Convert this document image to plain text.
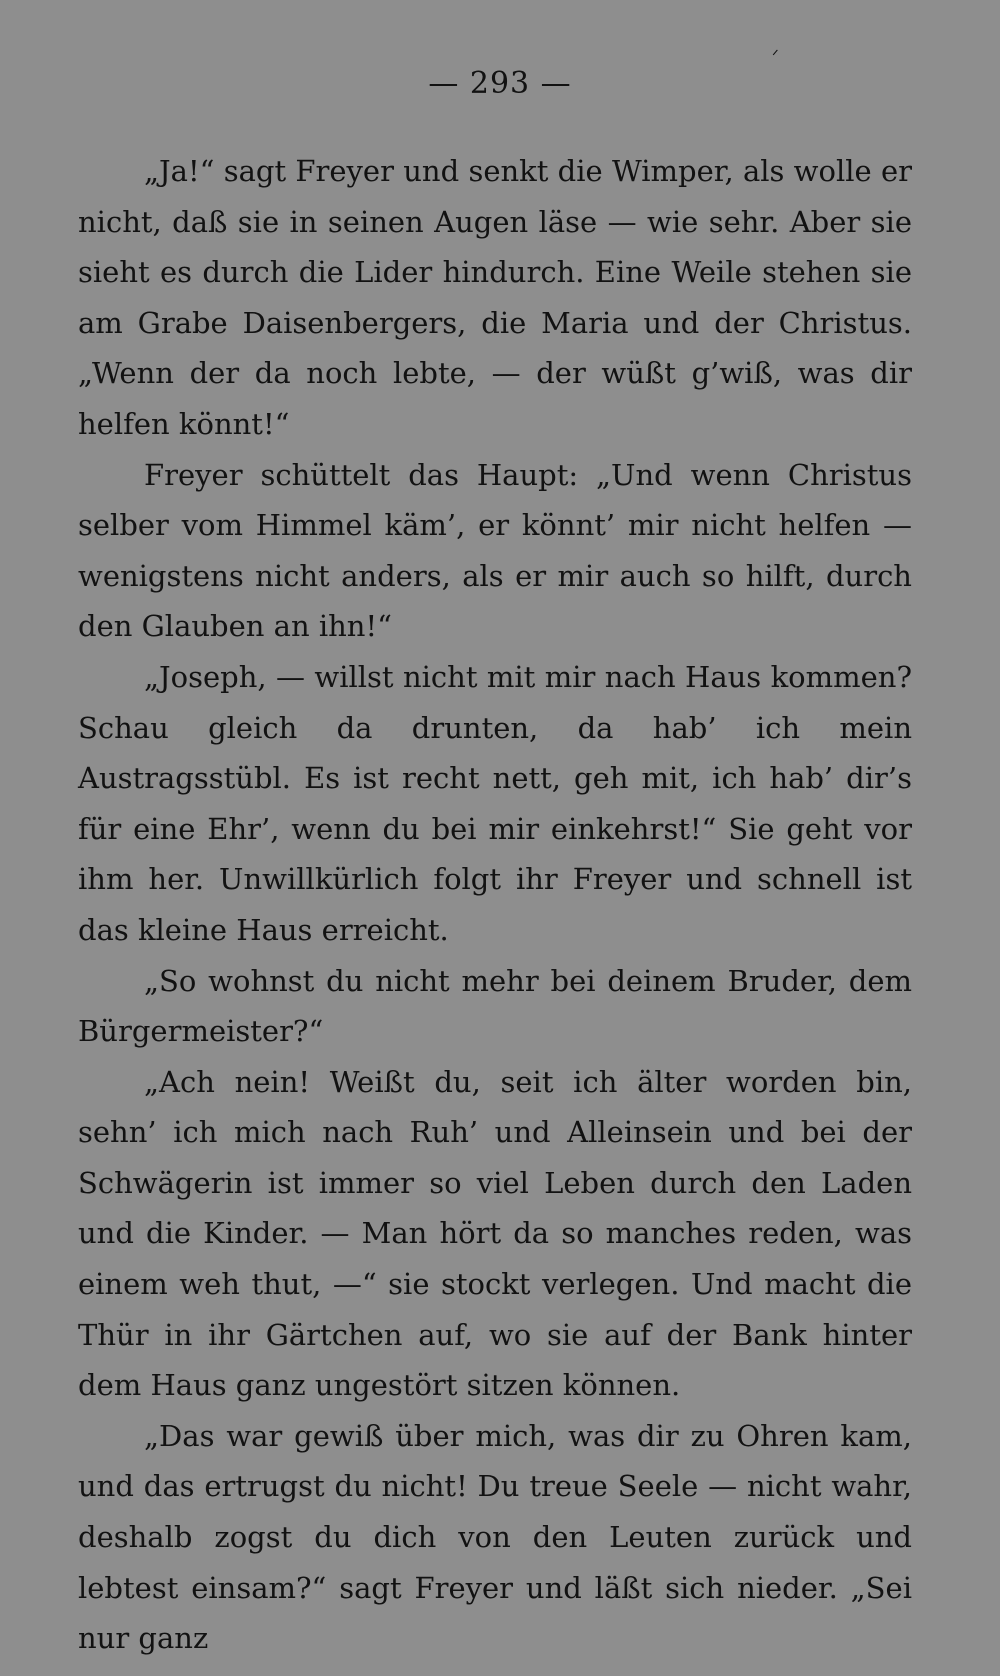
ᐟ
— 293 —

„Ja!“ sagt Freyer und senkt die Wimper, als wolle er nicht, daß sie in seinen Augen läse — wie sehr. Aber sie sieht es durch die Lider hindurch. Eine Weile stehen sie am Grabe Daisenbergers, die Maria und der Christus. „Wenn der da noch lebte, — der wüßt g’wiß, was dir helfen könnt!“

Freyer schüttelt das Haupt: „Und wenn Christus selber vom Himmel käm’, er könnt’ mir nicht helfen — wenigstens nicht anders, als er mir auch so hilft, durch den Glauben an ihn!“

„Joseph, — willst nicht mit mir nach Haus kommen? Schau gleich da drunten, da hab’ ich mein Austragsstübl. Es ist recht nett, geh mit, ich hab’ dir’s für eine Ehr’, wenn du bei mir einkehrst!“ Sie geht vor ihm her. Unwillkürlich folgt ihr Freyer und schnell ist das kleine Haus erreicht.

„So wohnst du nicht mehr bei deinem Bruder, dem Bürgermeister?“

„Ach nein! Weißt du, seit ich älter worden bin, sehn’ ich mich nach Ruh’ und Alleinsein und bei der Schwägerin ist immer so viel Leben durch den Laden und die Kinder. — Man hört da so manches reden, was einem weh thut, —“ sie stockt verlegen. Und macht die Thür in ihr Gärtchen auf, wo sie auf der Bank hinter dem Haus ganz ungestört sitzen können.

„Das war gewiß über mich, was dir zu Ohren kam, und das ertrugst du nicht! Du treue Seele — nicht wahr, deshalb zogst du dich von den Leuten zurück und lebtest einsam?“ sagt Freyer und läßt sich nieder. „Sei nur ganz
